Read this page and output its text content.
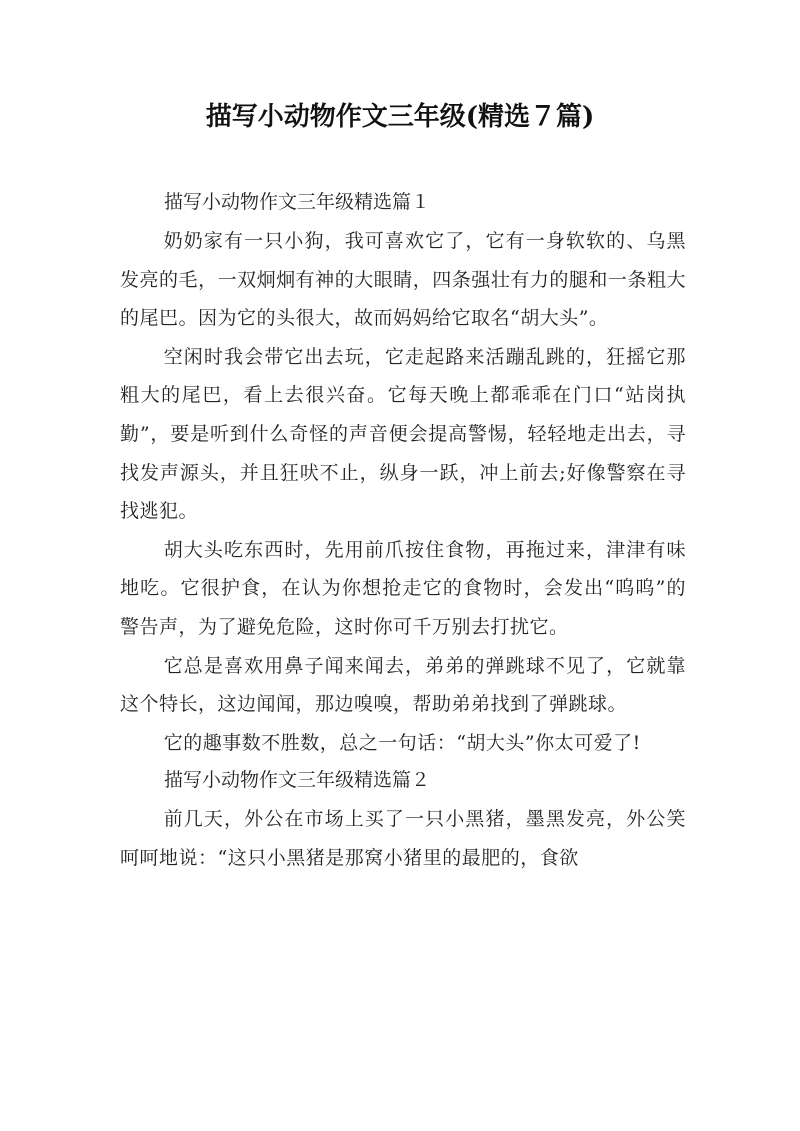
描写小动物作文三年级(精选７篇)
描写小动物作文三年级精选篇１

奶奶家有一只小狗，我可喜欢它了，它有一身软软的、乌黑发亮的毛，一双炯炯有神的大眼睛，四条强壮有力的腿和一条粗大的尾巴。因为它的头很大，故而妈妈给它取名“胡大头”。

空闲时我会带它出去玩，它走起路来活蹦乱跳的，狂摇它那粗大的尾巴，看上去很兴奋。它每天晚上都乖乖在门口“站岗执勤”，要是听到什么奇怪的声音便会提高警惕，轻轻地走出去，寻找发声源头，并且狂吠不止，纵身一跃，冲上前去;好像警察在寻找逃犯。

胡大头吃东西时，先用前爪按住食物，再拖过来，津津有味地吃。它很护食，在认为你想抢走它的食物时，会发出“呜呜”的警告声，为了避免危险，这时你可千万别去打扰它。

它总是喜欢用鼻子闻来闻去，弟弟的弹跳球不见了，它就靠这个特长，这边闻闻，那边嗅嗅，帮助弟弟找到了弹跳球。

它的趣事数不胜数，总之一句话：“胡大头”你太可爱了!

描写小动物作文三年级精选篇２

前几天，外公在市场上买了一只小黑猪，墨黑发亮，外公笑呵呵地说：“这只小黑猪是那窝小猪里的最肥的，食欲
